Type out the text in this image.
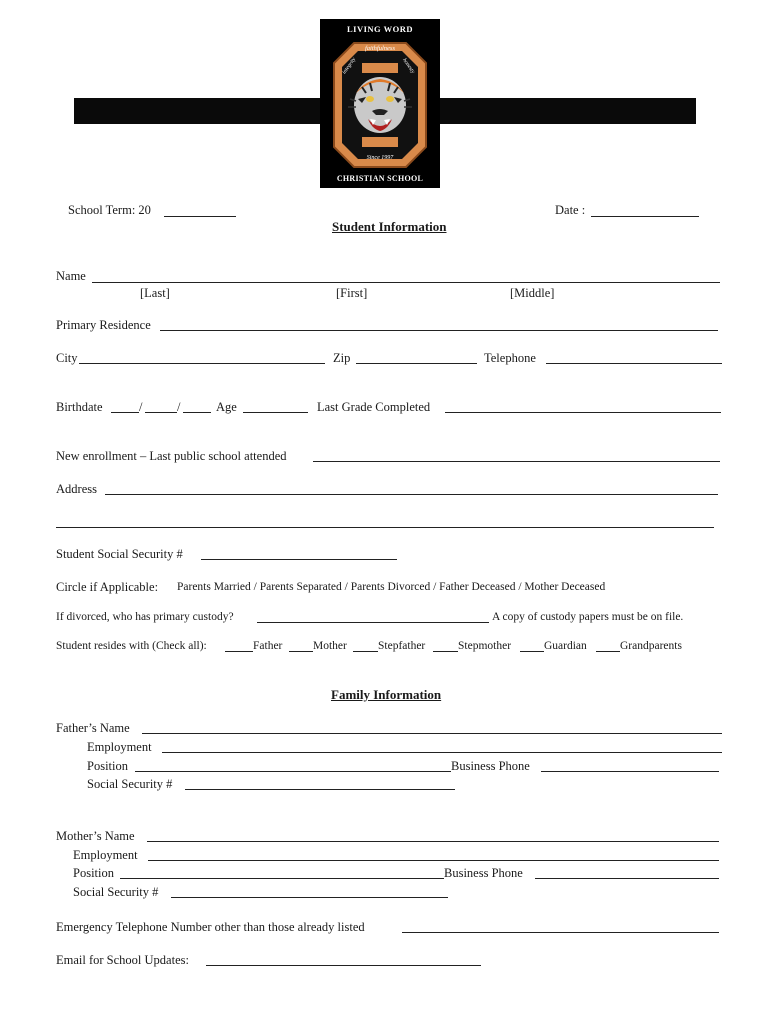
LIVING WORD
faithfulness
integrity	honesty
Since 1997
CHRISTIAN SCHOOL
School Term: 20	Date :
Student Information
Name
[Last]	[First]	[Middle]
Primary Residence
City	Zip	Telephone
Birthdate	/	/	Age	Last Grade Completed
New enrollment – Last public school attended
Address
Student Social Security #
Circle if Applicable: Parents Married / Parents Separated / Parents Divorced / Father Deceased / Mother Deceased
If divorced, who has primary custody?	A copy of custody papers must be on file.
Student resides with (Check all):	Father	Mother	Stepfather	Stepmother	Guardian	Grandparents
Family Information
Father’s Name
Employment
Position	Business Phone
Social Security #
Mother’s Name
Employment
Position	Business Phone
Social Security #
Emergency Telephone Number other than those already listed
Email for School Updates:
